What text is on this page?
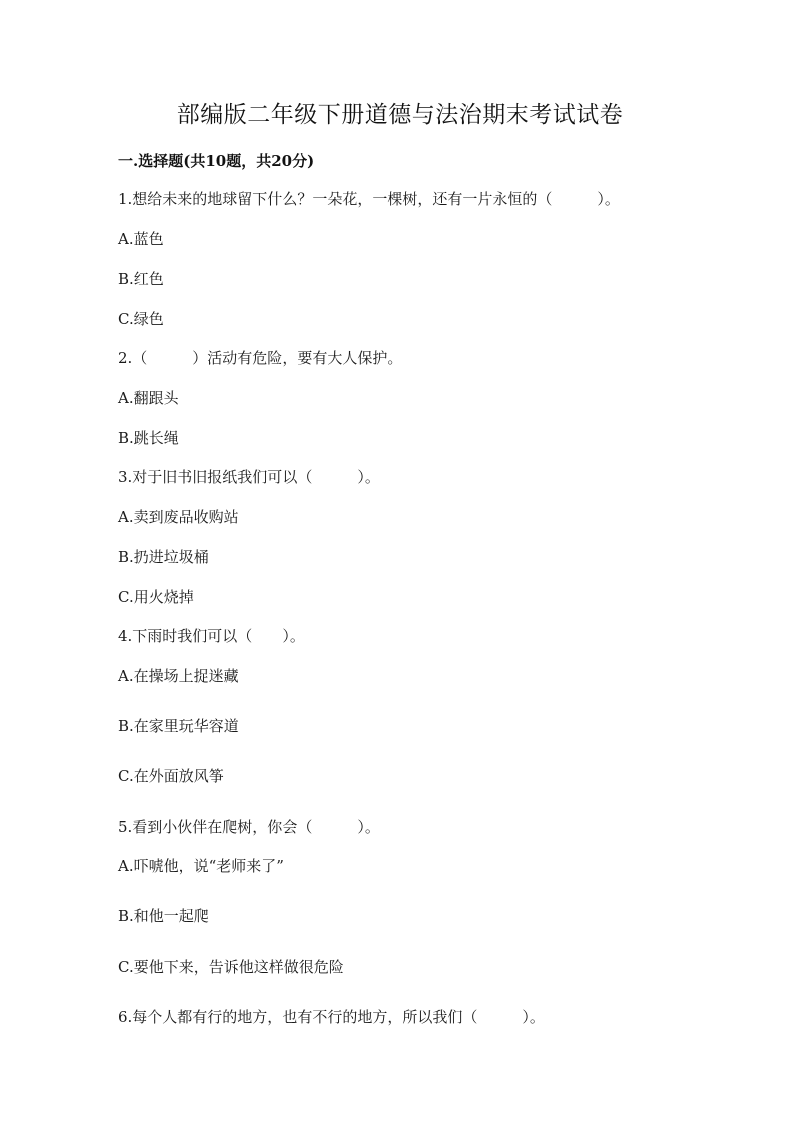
部编版二年级下册道德与法治期末考试试卷
一.选择题(共10题，共20分)
1.想给未来的地球留下什么？一朵花，一棵树，还有一片永恒的（　　　）。
A.蓝色
B.红色
C.绿色
2.（　　　）活动有危险，要有大人保护。
A.翻跟头
B.跳长绳
3.对于旧书旧报纸我们可以（　　　）。
A.卖到废品收购站
B.扔进垃圾桶
C.用火烧掉
4.下雨时我们可以（　　）。
A.在操场上捉迷藏
B.在家里玩华容道
C.在外面放风筝
5.看到小伙伴在爬树，你会（　　　）。
A.吓唬他，说“老师来了”
B.和他一起爬
C.要他下来，告诉他这样做很危险
6.每个人都有行的地方，也有不行的地方，所以我们（　　　）。
